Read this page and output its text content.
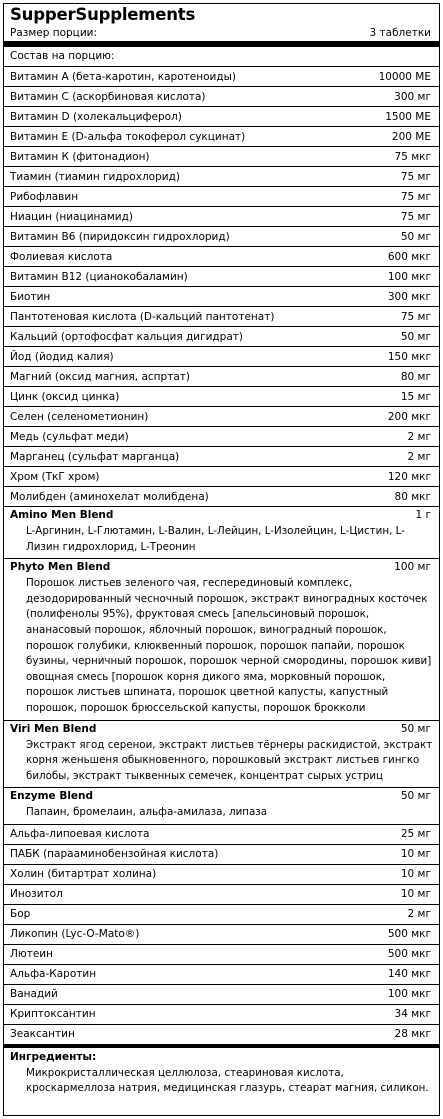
SupperSupplements
Размер порции:	3 таблетки
Состав на порцию:
Витамин А (бета-каротин, каротеноиды)	10000 МЕ
Витамин С (аскорбиновая кислота)	300 мг
Витамин D (холекальциферол)	1500 МЕ
Витамин Е (D-альфа токоферол сукцинат)	200 МЕ
Витамин К (фитонадион)	75 мкг
Тиамин (тиамин гидрохлорид)	75 мг
Рибофлавин	75 мг
Ниацин (ниацинамид)	75 мг
Витамин В6 (пиридоксин гидрохлорид)	50 мг
Фолиевая кислота	600 мкг
Витамин В12 (цианокобаламин)	100 мкг
Биотин	300 мкг
Пантотеновая кислота (D-кальций пантотенат)	75 мг
Кальций (ортофосфат кальция дигидрат)	50 мг
Йод (йодид калия)	150 мкг
Магний (оксид магния, аспртат)	80 мг
Цинк (оксид цинка)	15 мг
Селен (селенометионин)	200 мкг
Медь (сульфат меди)	2 мг
Марганец (сульфат марганца)	2 мг
Хром (ТкГ хром)	120 мкг
Молибден (аминохелат молибдена)	80 мкг
Amino Men Blend	1 г
L-Аргинин, L-Глютамин, L-Валин, L-Лейцин, L-Изолейцин, L-Цистин, L-Лизин гидрохлорид, L-Треонин
Phyto Men Blend	100 мг
Порошок листьев зеленого чая, гесперединовый комплекс, дезодорированный чесночный порошок, экстракт виноградных косточек (полифенолы 95%), фруктовая смесь [апельсиновый порошок, ананасовый порошок, яблочный порошок, виноградный порошок, порошок голубики, клюквенный порошок, порошок папайи, порошок бузины, черничный порошок, порошок черной смородины, порошок киви] овощная смесь [порошок корня дикого яма, морковный порошок, порошок листьев шпината, порошок цветной капусты, капустный порошок, порошок брюссельской капусты, порошок брокколи
Viri Men Blend	50 мг
Экстракт ягод серенои, экстракт листьев тёрнеры раскидистой, экстракт корня женьшеня обыкновенного, порошковый экстракт листьев гингко билобы, экстракт тыквенных семечек, концентрат сырых устриц
Enzyme Blend	50 мг
Папаин, бромелаин, альфа-амилаза, липаза
Альфа-липоевая кислота	25 мг
ПАБК (парааминобензойная кислота)	10 мг
Холин (битартрат холина)	10 мг
Инозитол	10 мг
Бор	2 мг
Ликопин (Lyc-O-Mato®)	500 мкг
Лютеин	500 мкг
Альфа-Каротин	140 мкг
Ванадий	100 мкг
Криптоксантин	34 мкг
Зеаксантин	28 мкг
Ингредиенты:
Микрокристаллическая целлюлоза, стеариновая кислота, кроскармеллоза натрия, медицинская глазурь, стеарат магния, силикон.
